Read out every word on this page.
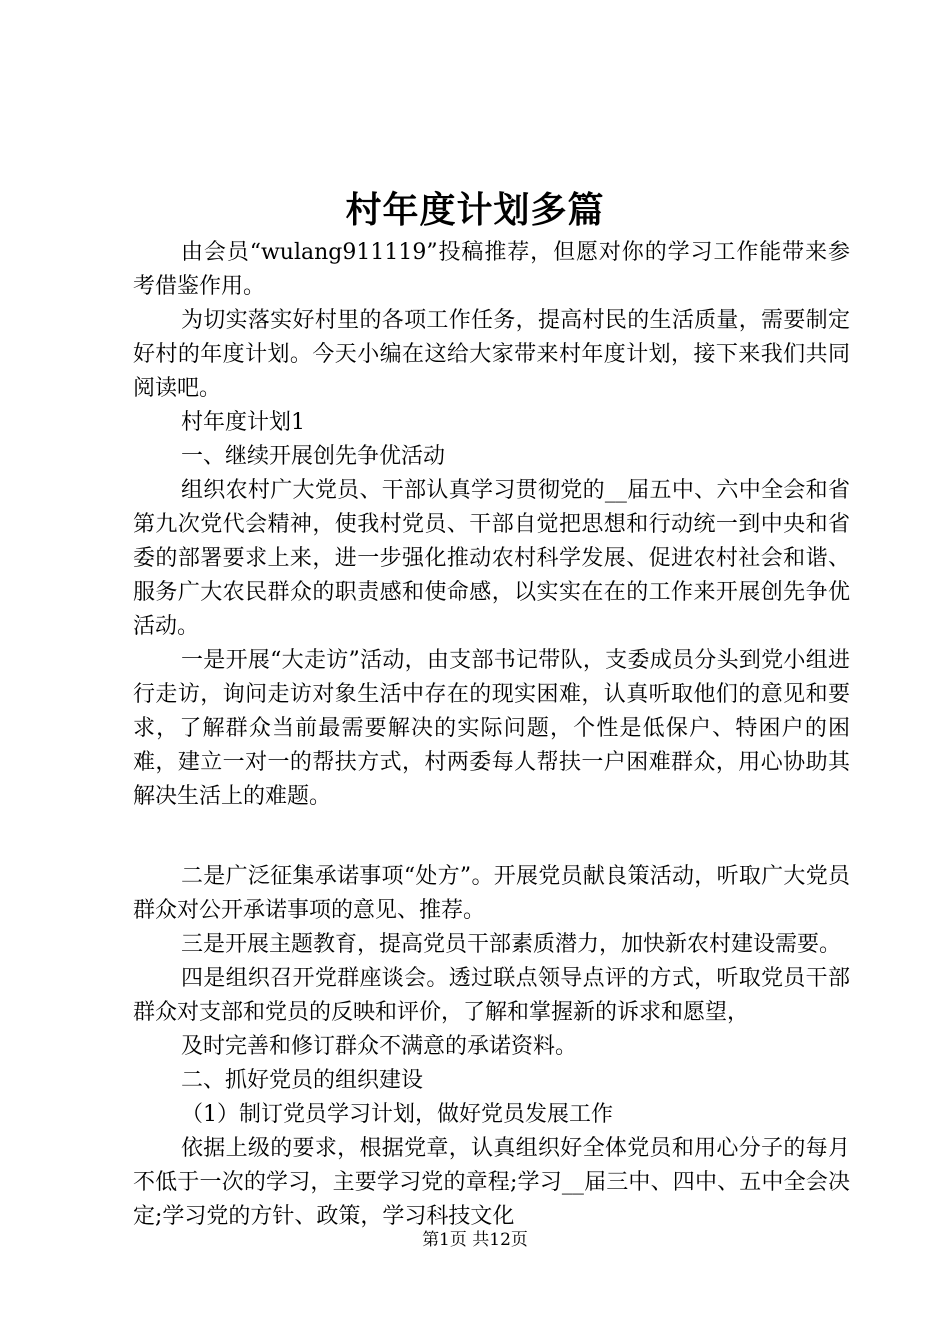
村年度计划多篇

由会员“wulang911119”投稿推荐，但愿对你的学习工作能带来参考借鉴作用。

为切实落实好村里的各项工作任务，提高村民的生活质量，需要制定好村的年度计划。今天小编在这给大家带来村年度计划，接下来我们共同阅读吧。

村年度计划1

一、继续开展创先争优活动

组织农村广大党员、干部认真学习贯彻党的__届五中、六中全会和省第九次党代会精神，使我村党员、干部自觉把思想和行动统一到中央和省委的部署要求上来，进一步强化推动农村科学发展、促进农村社会和谐、服务广大农民群众的职责感和使命感，以实实在在的工作来开展创先争优活动。

一是开展“大走访”活动，由支部书记带队，支委成员分头到党小组进行走访，询问走访对象生活中存在的现实困难，认真听取他们的意见和要求，了解群众当前最需要解决的实际问题，个性是低保户、特困户的困难，建立一对一的帮扶方式，村两委每人帮扶一户困难群众，用心协助其解决生活上的难题。

二是广泛征集承诺事项“处方”。开展党员献良策活动，听取广大党员群众对公开承诺事项的意见、推荐。

三是开展主题教育，提高党员干部素质潜力，加快新农村建设需要。

四是组织召开党群座谈会。透过联点领导点评的方式，听取党员干部群众对支部和党员的反映和评价，了解和掌握新的诉求和愿望，

及时完善和修订群众不满意的承诺资料。

二、抓好党员的组织建设

（1）制订党员学习计划，做好党员发展工作

依据上级的要求，根据党章，认真组织好全体党员和用心分子的每月不低于一次的学习，主要学习党的章程;学习__届三中、四中、五中全会决定;学习党的方针、政策，学习科技文化

第1页 共12页
